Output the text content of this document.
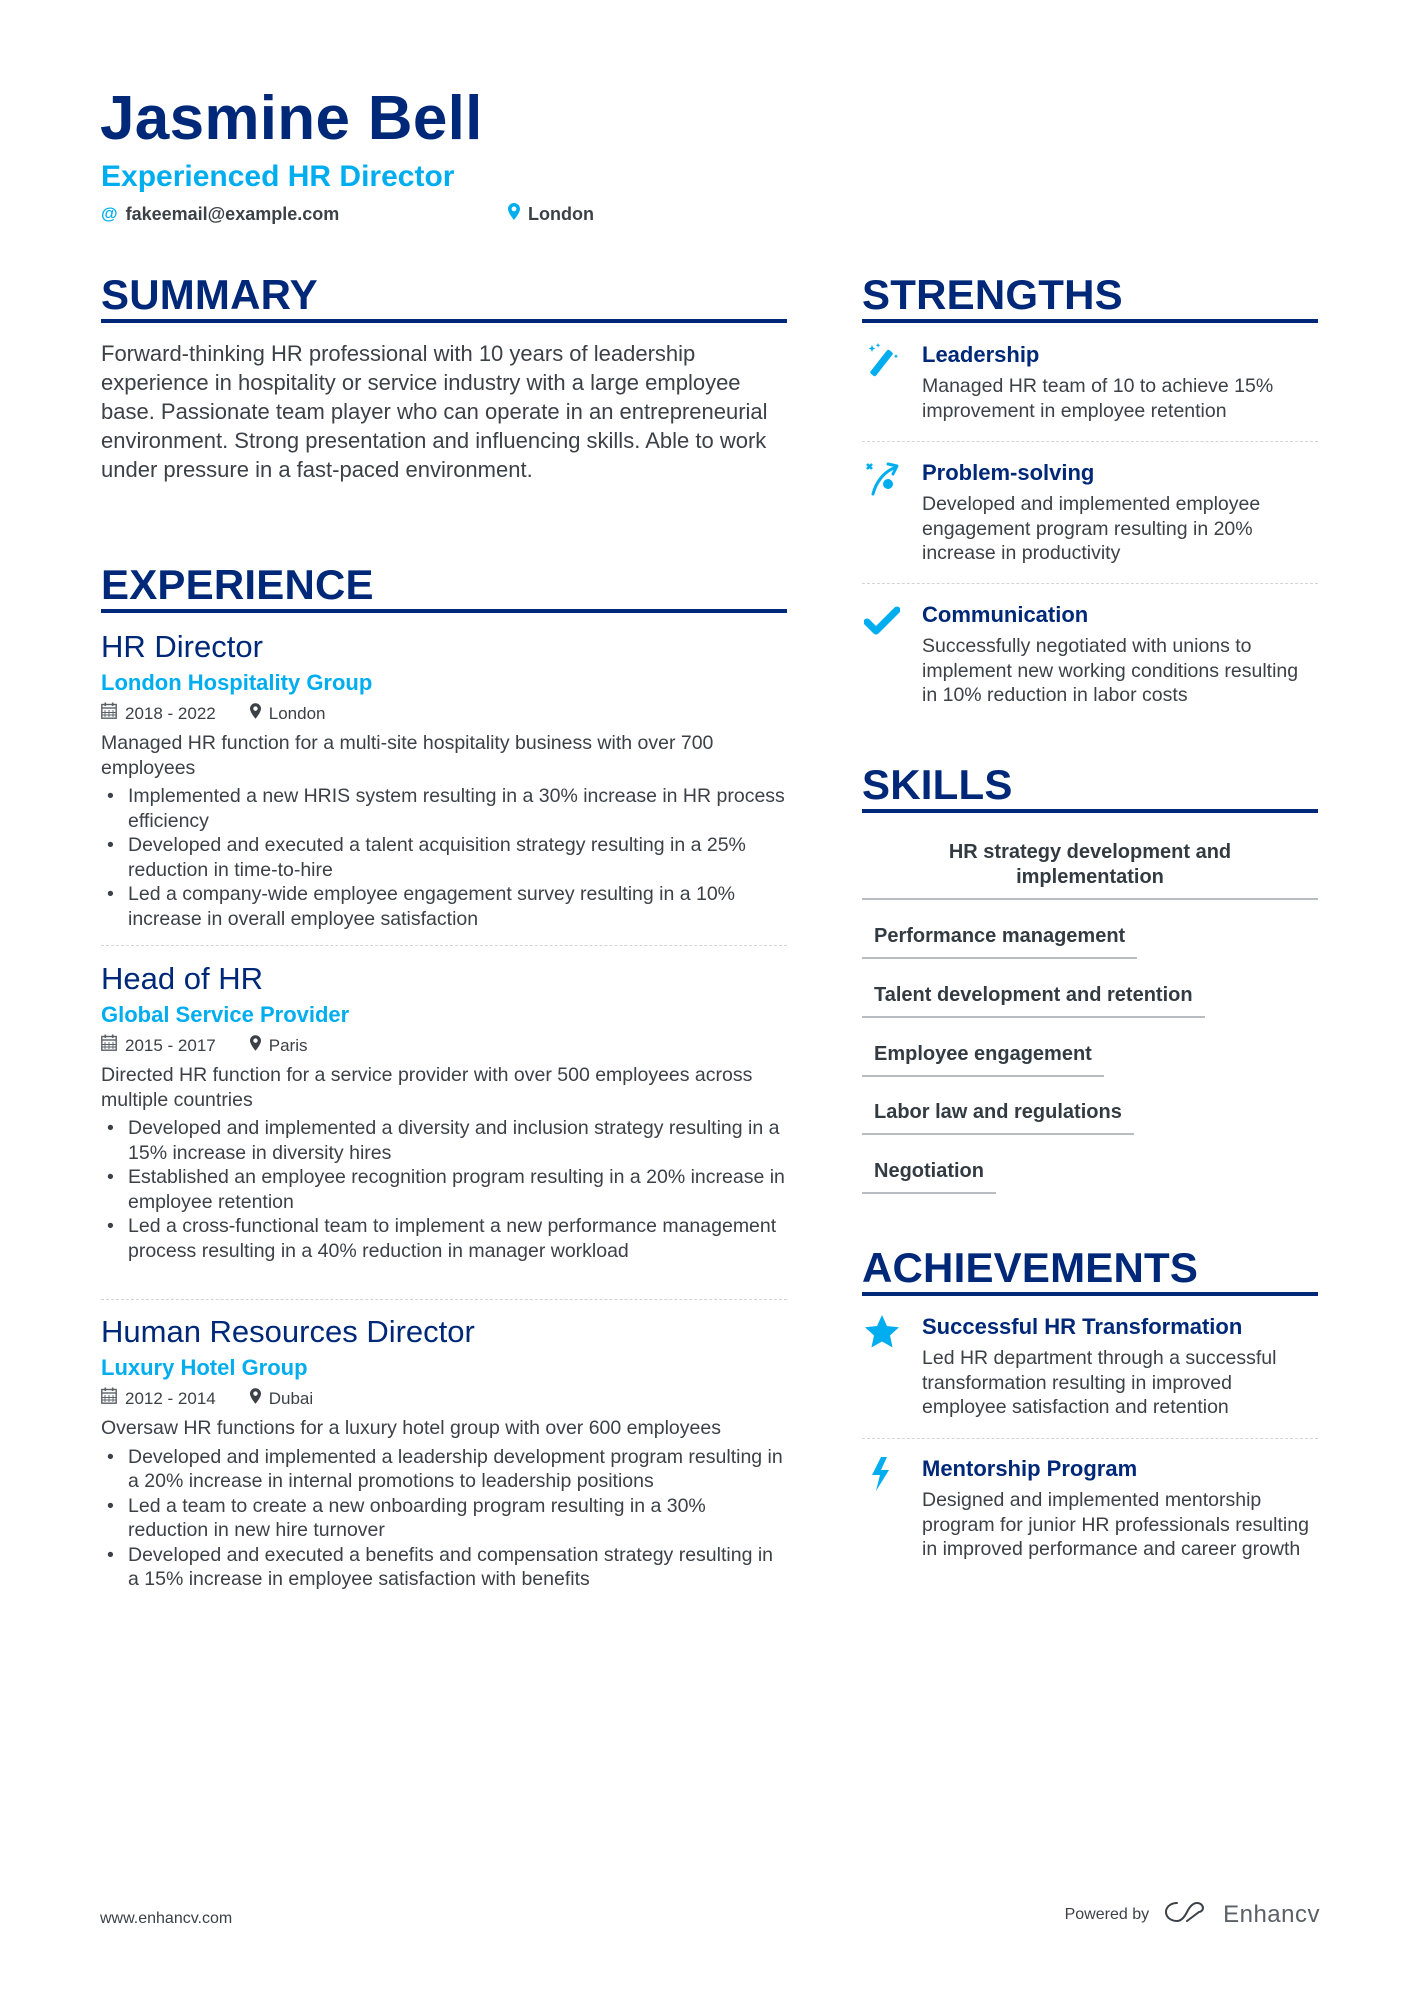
Jasmine Bell
Experienced HR Director
@ fakeemail@example.com	London
SUMMARY
Forward-thinking HR professional with 10 years of leadership experience in hospitality or service industry with a large employee base. Passionate team player who can operate in an entrepreneurial environment. Strong presentation and influencing skills. Able to work under pressure in a fast-paced environment.
EXPERIENCE
HR Director
London Hospitality Group
2018 - 2022	London
Managed HR function for a multi-site hospitality business with over 700 employees
• Implemented a new HRIS system resulting in a 30% increase in HR process efficiency
• Developed and executed a talent acquisition strategy resulting in a 25% reduction in time-to-hire
• Led a company-wide employee engagement survey resulting in a 10% increase in overall employee satisfaction
Head of HR
Global Service Provider
2015 - 2017	Paris
Directed HR function for a service provider with over 500 employees across multiple countries
• Developed and implemented a diversity and inclusion strategy resulting in a 15% increase in diversity hires
• Established an employee recognition program resulting in a 20% increase in employee retention
• Led a cross-functional team to implement a new performance management process resulting in a 40% reduction in manager workload
Human Resources Director
Luxury Hotel Group
2012 - 2014	Dubai
Oversaw HR functions for a luxury hotel group with over 600 employees
• Developed and implemented a leadership development program resulting in a 20% increase in internal promotions to leadership positions
• Led a team to create a new onboarding program resulting in a 30% reduction in new hire turnover
• Developed and executed a benefits and compensation strategy resulting in a 15% increase in employee satisfaction with benefits
STRENGTHS
Leadership
Managed HR team of 10 to achieve 15% improvement in employee retention
Problem-solving
Developed and implemented employee engagement program resulting in 20% increase in productivity
Communication
Successfully negotiated with unions to implement new working conditions resulting in 10% reduction in labor costs
SKILLS
HR strategy development and implementation
Performance management
Talent development and retention
Employee engagement
Labor law and regulations
Negotiation
ACHIEVEMENTS
Successful HR Transformation
Led HR department through a successful transformation resulting in improved employee satisfaction and retention
Mentorship Program
Designed and implemented mentorship program for junior HR professionals resulting in improved performance and career growth
www.enhancv.com	Powered by	Enhancv
